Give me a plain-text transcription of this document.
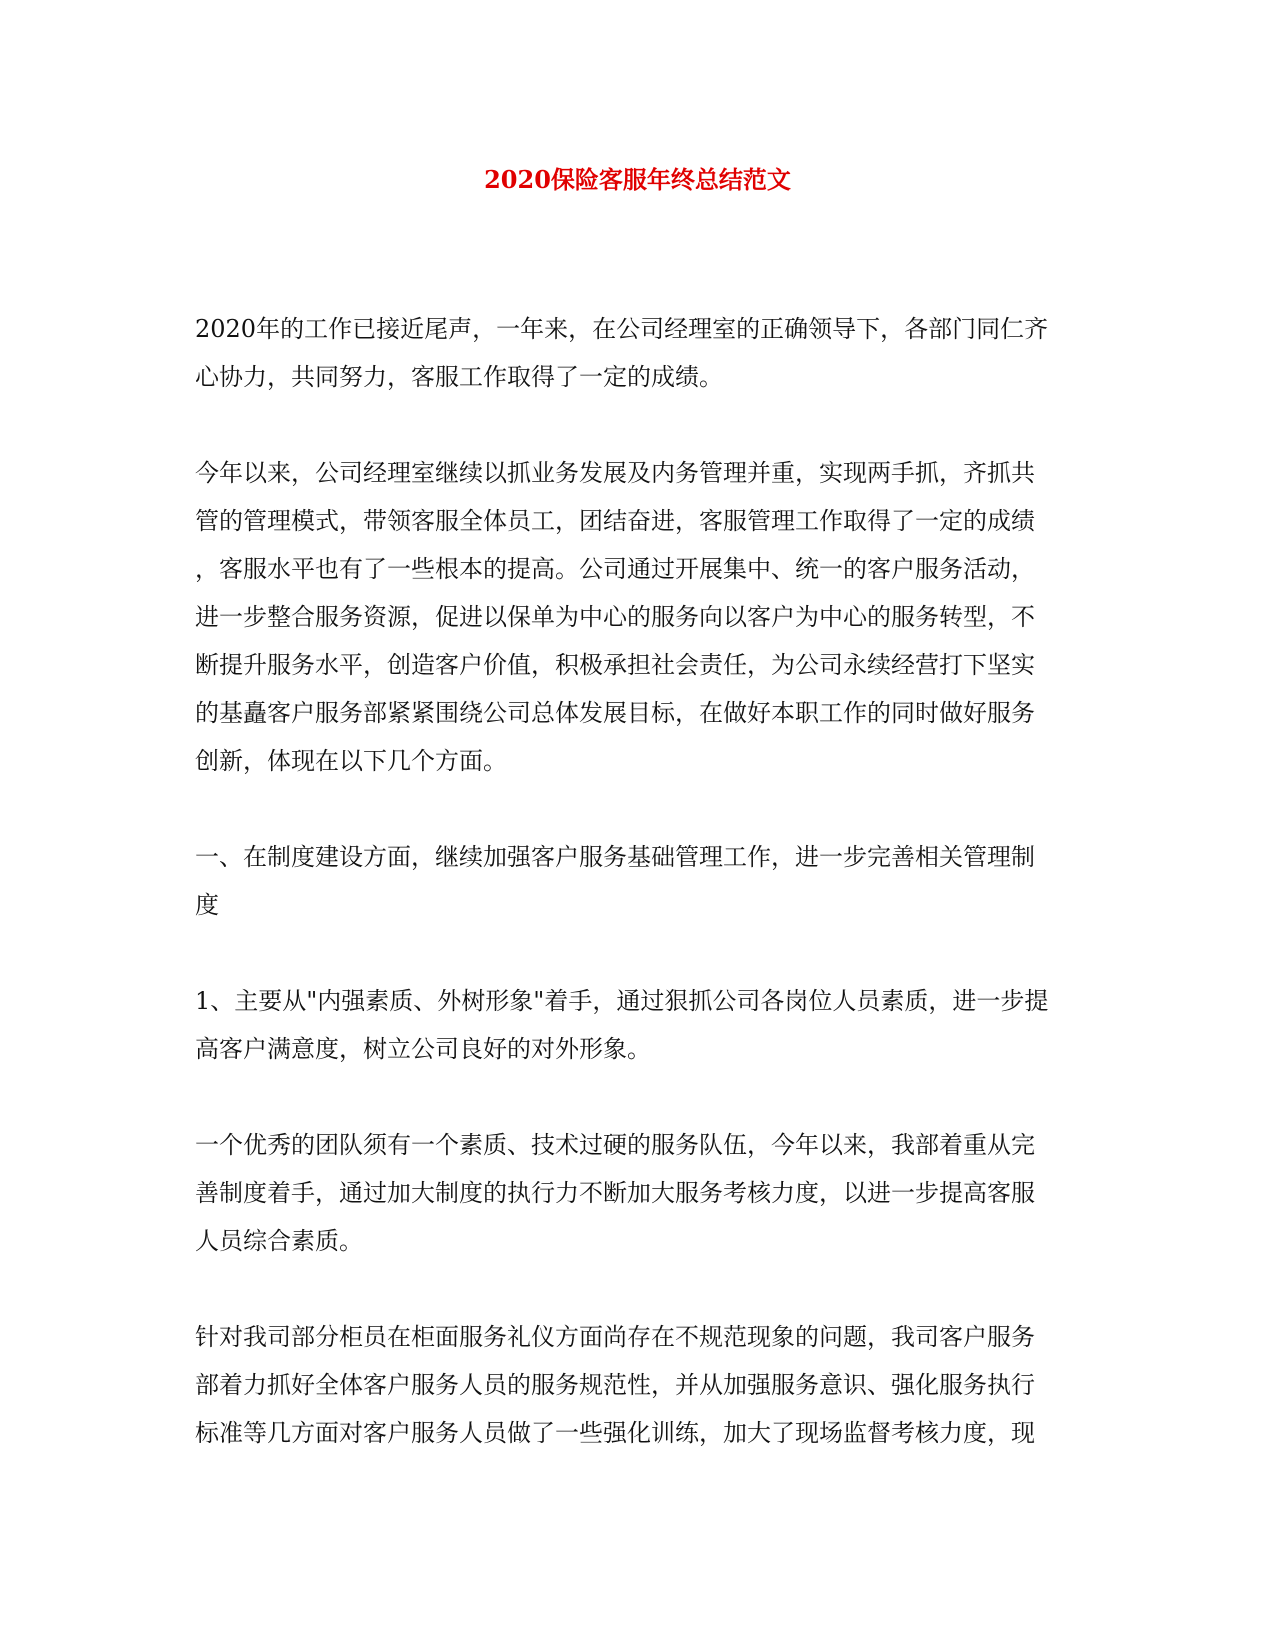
2020保险客服年终总结范文

2020年的工作已接近尾声，一年来，在公司经理室的正确领导下，各部门同仁齐
心协力，共同努力，客服工作取得了一定的成绩。

今年以来，公司经理室继续以抓业务发展及内务管理并重，实现两手抓，齐抓共
管的管理模式，带领客服全体员工，团结奋进，客服管理工作取得了一定的成绩
，客服水平也有了一些根本的提高。公司通过开展集中、统一的客户服务活动，
进一步整合服务资源，促进以保单为中心的服务向以客户为中心的服务转型，不
断提升服务水平，创造客户价值，积极承担社会责任，为公司永续经营打下坚实
的基矗客户服务部紧紧围绕公司总体发展目标，在做好本职工作的同时做好服务
创新，体现在以下几个方面。

一、在制度建设方面，继续加强客户服务基础管理工作，进一步完善相关管理制
度

1、主要从"内强素质、外树形象"着手，通过狠抓公司各岗位人员素质，进一步提
高客户满意度，树立公司良好的对外形象。

一个优秀的团队须有一个素质、技术过硬的服务队伍，今年以来，我部着重从完
善制度着手，通过加大制度的执行力不断加大服务考核力度，以进一步提高客服
人员综合素质。

针对我司部分柜员在柜面服务礼仪方面尚存在不规范现象的问题，我司客户服务
部着力抓好全体客户服务人员的服务规范性，并从加强服务意识、强化服务执行
标准等几方面对客户服务人员做了一些强化训练，加大了现场监督考核力度，现
